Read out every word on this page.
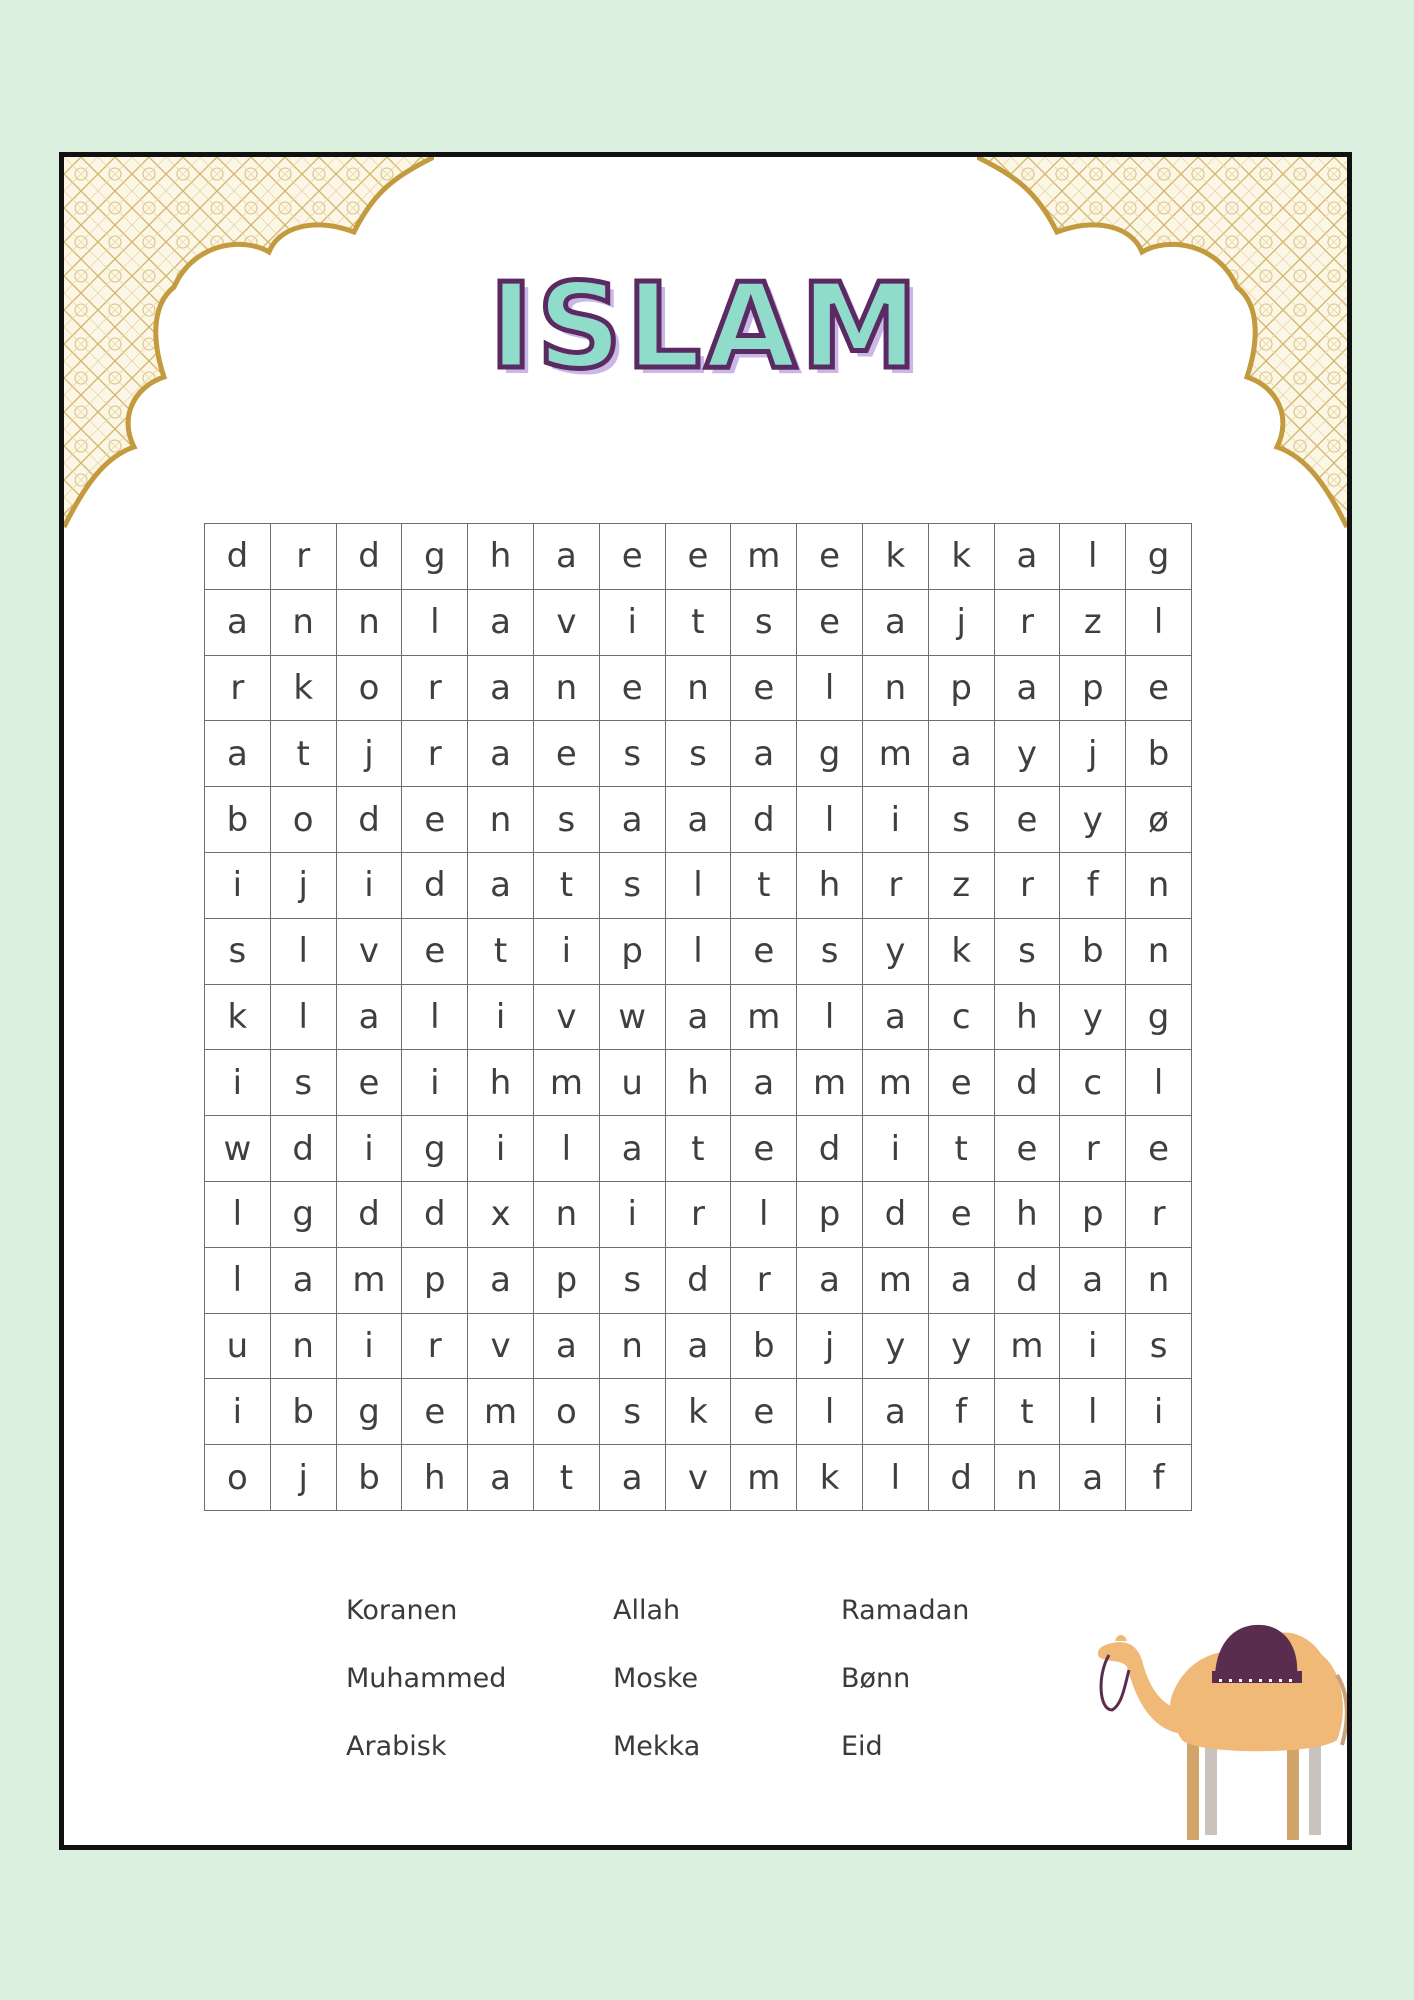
ISLAM
d	r	d	g	h	a	e	e	m	e	k	k	a	l	g
a	n	n	l	a	v	i	t	s	e	a	j	r	z	l
r	k	o	r	a	n	e	n	e	l	n	p	a	p	e
a	t	j	r	a	e	s	s	a	g	m	a	y	j	b
b	o	d	e	n	s	a	a	d	l	i	s	e	y	ø
i	j	i	d	a	t	s	l	t	h	r	z	r	f	n
s	l	v	e	t	i	p	l	e	s	y	k	s	b	n
k	l	a	l	i	v	w	a	m	l	a	c	h	y	g
i	s	e	i	h	m	u	h	a	m	m	e	d	c	l
w	d	i	g	i	l	a	t	e	d	i	t	e	r	e
l	g	d	d	x	n	i	r	l	p	d	e	h	p	r
l	a	m	p	a	p	s	d	r	a	m	a	d	a	n
u	n	i	r	v	a	n	a	b	j	y	y	m	i	s
i	b	g	e	m	o	s	k	e	l	a	f	t	l	i
o	j	b	h	a	t	a	v	m	k	l	d	n	a	f
Koranen	Allah	Ramadan
Muhammed	Moske	Bønn
Arabisk	Mekka	Eid
